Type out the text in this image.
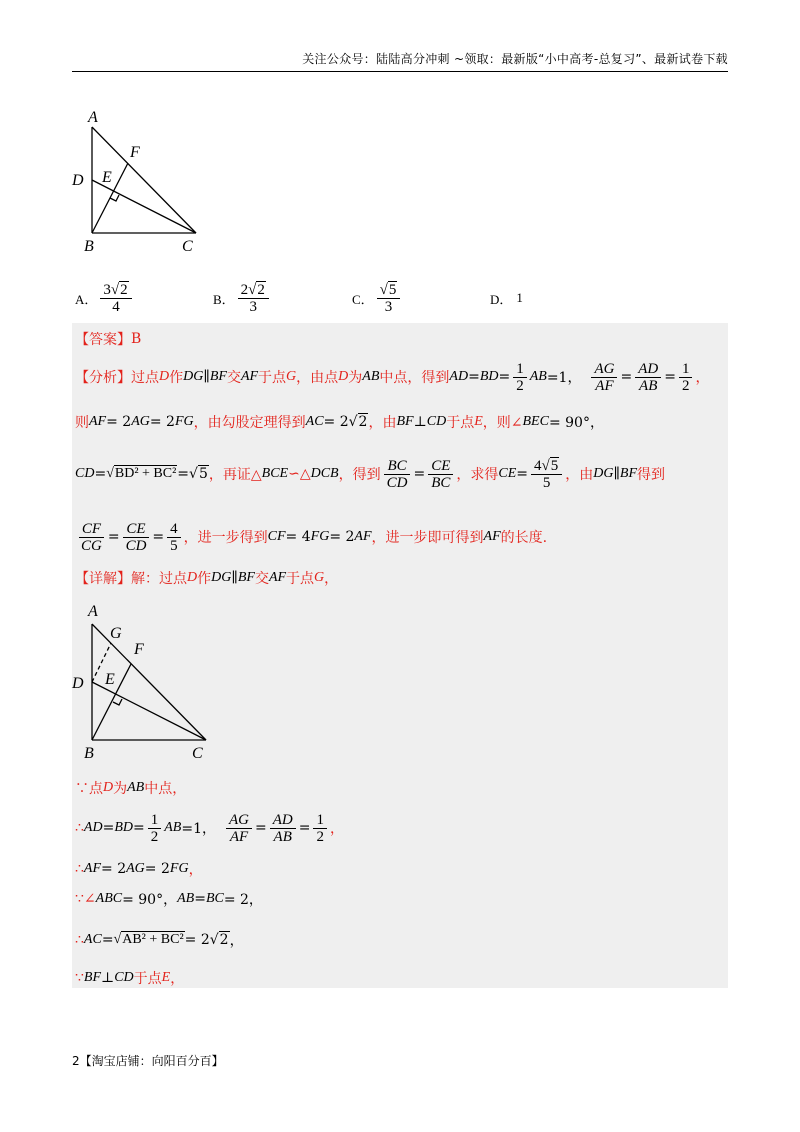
关注公众号：陆陆高分冲刺 ~领取：最新版“小中高考-总复习”、最新试卷下载
A
F
D E
B	C
A． $\frac{3√2}{4}$	B． $\frac{2√2}{3}$	C． $\frac{√5}{3}$	D． 1
【答案】 B
【分析】 过点 D 作 DG ∥ BF 交 AF 于点 G ，由点 D 为 AB 中点，得到 AD = BD = $\frac{1}{2}$ AB =1， $\frac{AG}{AF} = \frac{AD}{AB} = \frac{1}{2}$ ，
则 AF = 2 AG = 2 FG ，由勾股定理得到 AC = 2 √2 ，由 BF ⊥ CD 于点 E ，则∠ BEC = 90°，
CD = √BD² + BC² = √5 ，再证△ BCE ∽△ DCB ，得到 $\frac{BC}{CD} = \frac{CE}{BC}$ ，求得 CE = $\frac{4√5}{5}$ ，由 DG ∥ BF 得到
$\frac{CF}{CG} = \frac{CE}{CD} = \frac{4}{5}$ ，进一步得到 CF = 4 FG = 2 AF ，进一步即可得到 AF 的长度.
【详解】 解：过点 D 作 DG ∥ BF 交 AF 于点 G ，
A
G
F
D E
B	C
∵点 D 为 AB 中点，
∴ AD = BD = $\frac{1}{2}$ AB =1， $\frac{AG}{AF} = \frac{AD}{AB} = \frac{1}{2}$ ，
∴ AF = 2 AG = 2 FG ，
∵∠ ABC = 90°， AB = BC = 2，
∴ AC = √AB² + BC² = 2 √2 ，
∵ BF ⊥ CD 于点 E ，
2【淘宝店铺：向阳百分百】
